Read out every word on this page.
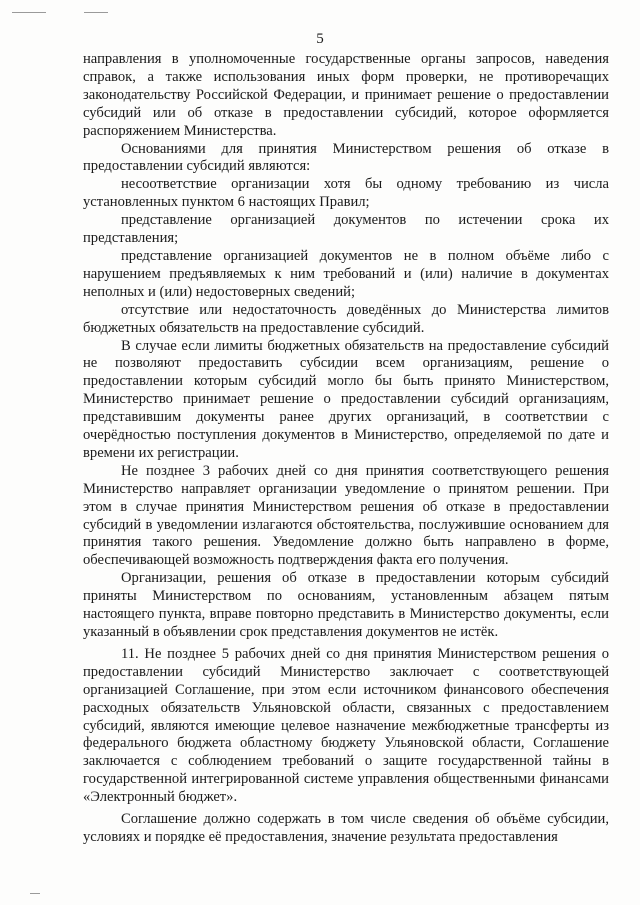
5

направления в уполномоченные государственные органы запросов, наведения справок, а также использования иных форм проверки, не противоречащих законодательству Российской Федерации, и принимает решение о предоставлении субсидий или об отказе в предоставлении субсидий, которое оформляется распоряжением Министерства.

Основаниями для принятия Министерством решения об отказе в предоставлении субсидий являются:

несоответствие организации хотя бы одному требованию из числа установленных пунктом 6 настоящих Правил;

представление организацией документов по истечении срока их представления;

представление организацией документов не в полном объёме либо с нарушением предъявляемых к ним требований и (или) наличие в документах неполных и (или) недостоверных сведений;

отсутствие или недостаточность доведённых до Министерства лимитов бюджетных обязательств на предоставление субсидий.

В случае если лимиты бюджетных обязательств на предоставление субсидий не позволяют предоставить субсидии всем организациям, решение о предоставлении которым субсидий могло бы быть принято Министерством, Министерство принимает решение о предоставлении субсидий организациям, представившим документы ранее других организаций, в соответствии с очерёдностью поступления документов в Министерство, определяемой по дате и времени их регистрации.

Не позднее 3 рабочих дней со дня принятия соответствующего решения Министерство направляет организации уведомление о принятом решении. При этом в случае принятия Министерством решения об отказе в предоставлении субсидий в уведомлении излагаются обстоятельства, послужившие основанием для принятия такого решения. Уведомление должно быть направлено в форме, обеспечивающей возможность подтверждения факта его получения.

Организации, решения об отказе в предоставлении которым субсидий приняты Министерством по основаниям, установленным абзацем пятым настоящего пункта, вправе повторно представить в Министерство документы, если указанный в объявлении срок представления документов не истёк.

11. Не позднее 5 рабочих дней со дня принятия Министерством решения о предоставлении субсидий Министерство заключает с соответствующей организацией Соглашение, при этом если источником финансового обеспечения расходных обязательств Ульяновской области, связанных с предоставлением субсидий, являются имеющие целевое назначение межбюджетные трансферты из федерального бюджета областному бюджету Ульяновской области, Соглашение заключается с соблюдением требований о защите государственной тайны в государственной интегрированной системе управления общественными финансами «Электронный бюджет».

Соглашение должно содержать в том числе сведения об объёме субсидии, условиях и порядке её предоставления, значение результата предоставления
